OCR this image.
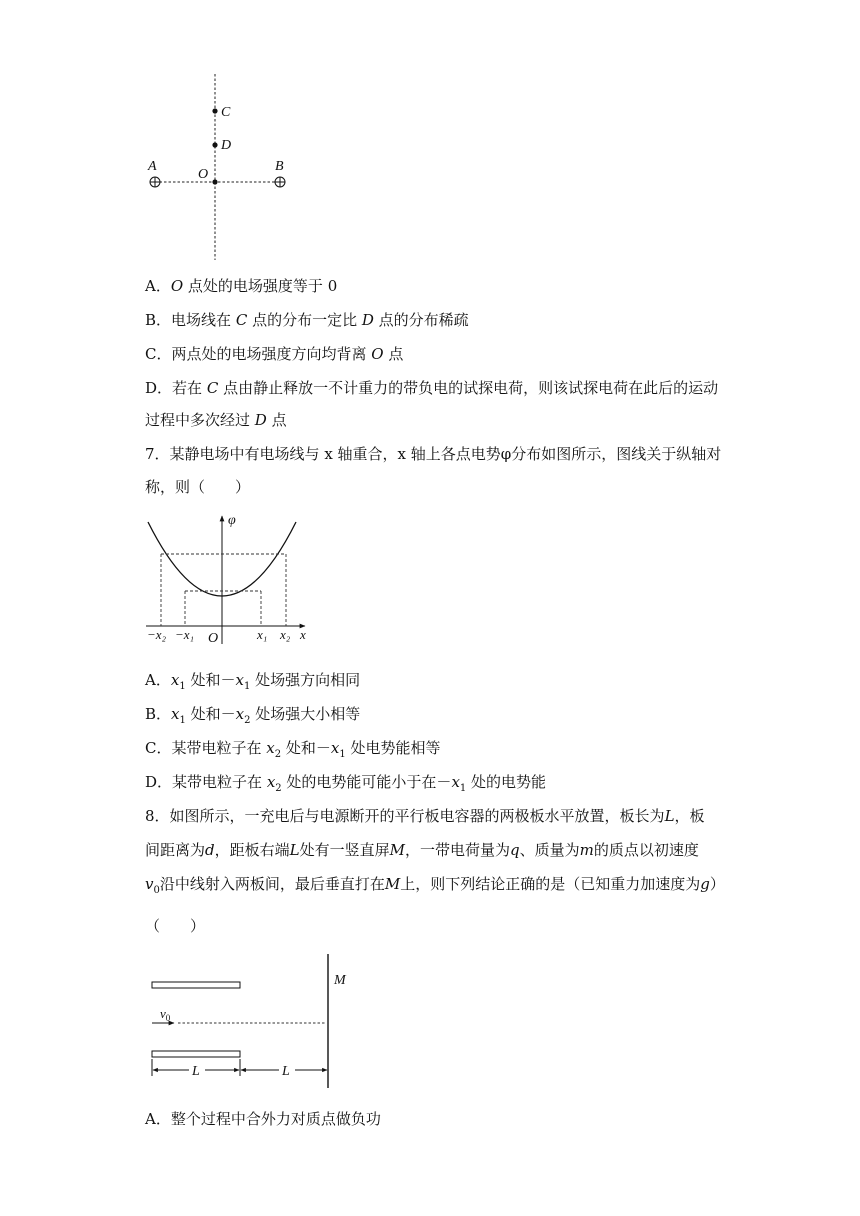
A	B
C
D
O
A．O 点处的电场强度等于 0
B．电场线在 C 点的分布一定比 D 点的分布稀疏
C．两点处的电场强度方向均背离 O 点
D．若在 C 点由静止释放一不计重力的带负电的试探电荷，则该试探电荷在此后的运动
过程中多次经过 D 点
7．某静电场中有电场线与 x 轴重合，x 轴上各点电势φ分布如图所示，图线关于纵轴对
称，则（　　）
φ
x
O
−x₂ −x₁	x₁ x₂
A．$x_1$ 处和$-x_1$ 处场强方向相同
B．$x_1$ 处和$-x_2$ 处场强大小相等
C．某带电粒子在 $x_2$ 处和$-x_1$ 处电势能相等
D．某带电粒子在 $x_2$ 处的电势能可能小于在$-x_1$ 处的电势能
8．如图所示，一充电后与电源断开的平行板电容器的两极板水平放置，板长为L，板
间距离为d，距板右端L处有一竖直屏M，一带电荷量为q、质量为m的质点以初速度
$v_0$沿中线射入两板间，最后垂直打在M上，则下列结论正确的是（已知重力加速度为g）
（　　）
M
$v_0$
L	L
A．整个过程中合外力对质点做负功
